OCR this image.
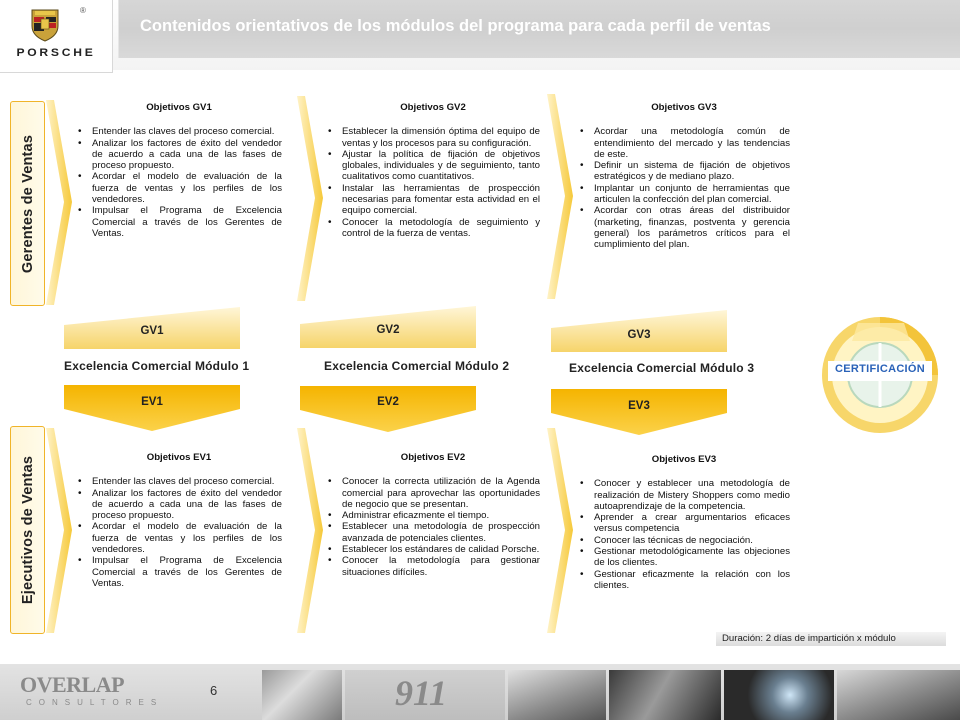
Contenidos orientativos de los módulos del programa para cada perfil de ventas
®
PORSCHE
Gerentes de Ventas
Ejecutivos de Ventas
Objetivos GV1
• Entender las claves del proceso comercial.
• Analizar los factores de éxito del vendedor de acuerdo a cada una de las fases de proceso propuesto.
• Acordar el modelo de evaluación de la fuerza de ventas y los perfiles de los vendedores.
• Impulsar el Programa de Excelencia Comercial a través de los Gerentes de Ventas.
Objetivos GV2
• Establecer la dimensión óptima del equipo de ventas y los procesos para su configuración.
• Ajustar la política de fijación de objetivos globales, individuales y de seguimiento, tanto cualitativos como cuantitativos.
• Instalar las herramientas de prospección necesarias para fomentar esta actividad en el equipo comercial.
• Conocer la metodología de seguimiento y control de la fuerza de ventas.
Objetivos GV3
• Acordar una metodología común de entendimiento del mercado y las tendencias de este.
• Definir un sistema de fijación de objetivos estratégicos y de mediano plazo.
• Implantar un conjunto de herramientas que articulen la confección del plan comercial.
• Acordar con otras áreas del distribuidor (marketing, finanzas, postventa y gerencia general) los parámetros críticos para el cumplimiento del plan.
GV1	GV2	GV3
Excelencia Comercial Módulo 1	Excelencia Comercial Módulo 2	Excelencia Comercial Módulo 3
EV1	EV2	EV3
CERTIFICACIÓN
Objetivos EV1
• Entender las claves del proceso comercial.
• Analizar los factores de éxito del vendedor de acuerdo a cada una de las fases de proceso propuesto.
• Acordar el modelo de evaluación de la fuerza de ventas y los perfiles de los vendedores.
• Impulsar el Programa de Excelencia Comercial a través de los Gerentes de Ventas.
Objetivos EV2
• Conocer la correcta utilización de la Agenda comercial para aprovechar las oportunidades de negocio que se presentan.
• Administrar eficazmente el tiempo.
• Establecer una metodología de prospección avanzada de potenciales clientes.
• Establecer los estándares de calidad Porsche.
• Conocer la metodología para gestionar situaciones difíciles.
Objetivos EV3
• Conocer y establecer una metodología de realización de Mistery Shoppers como medio autoaprendizaje de la competencia.
• Aprender a crear argumentarios eficaces versus competencia
• Conocer las técnicas de negociación.
• Gestionar metodológicamente las objeciones de los clientes.
• Gestionar eficazmente la relación con los clientes.
Duración: 2 días de impartición x módulo
OVERLAP
CONSULTORES
6	911
